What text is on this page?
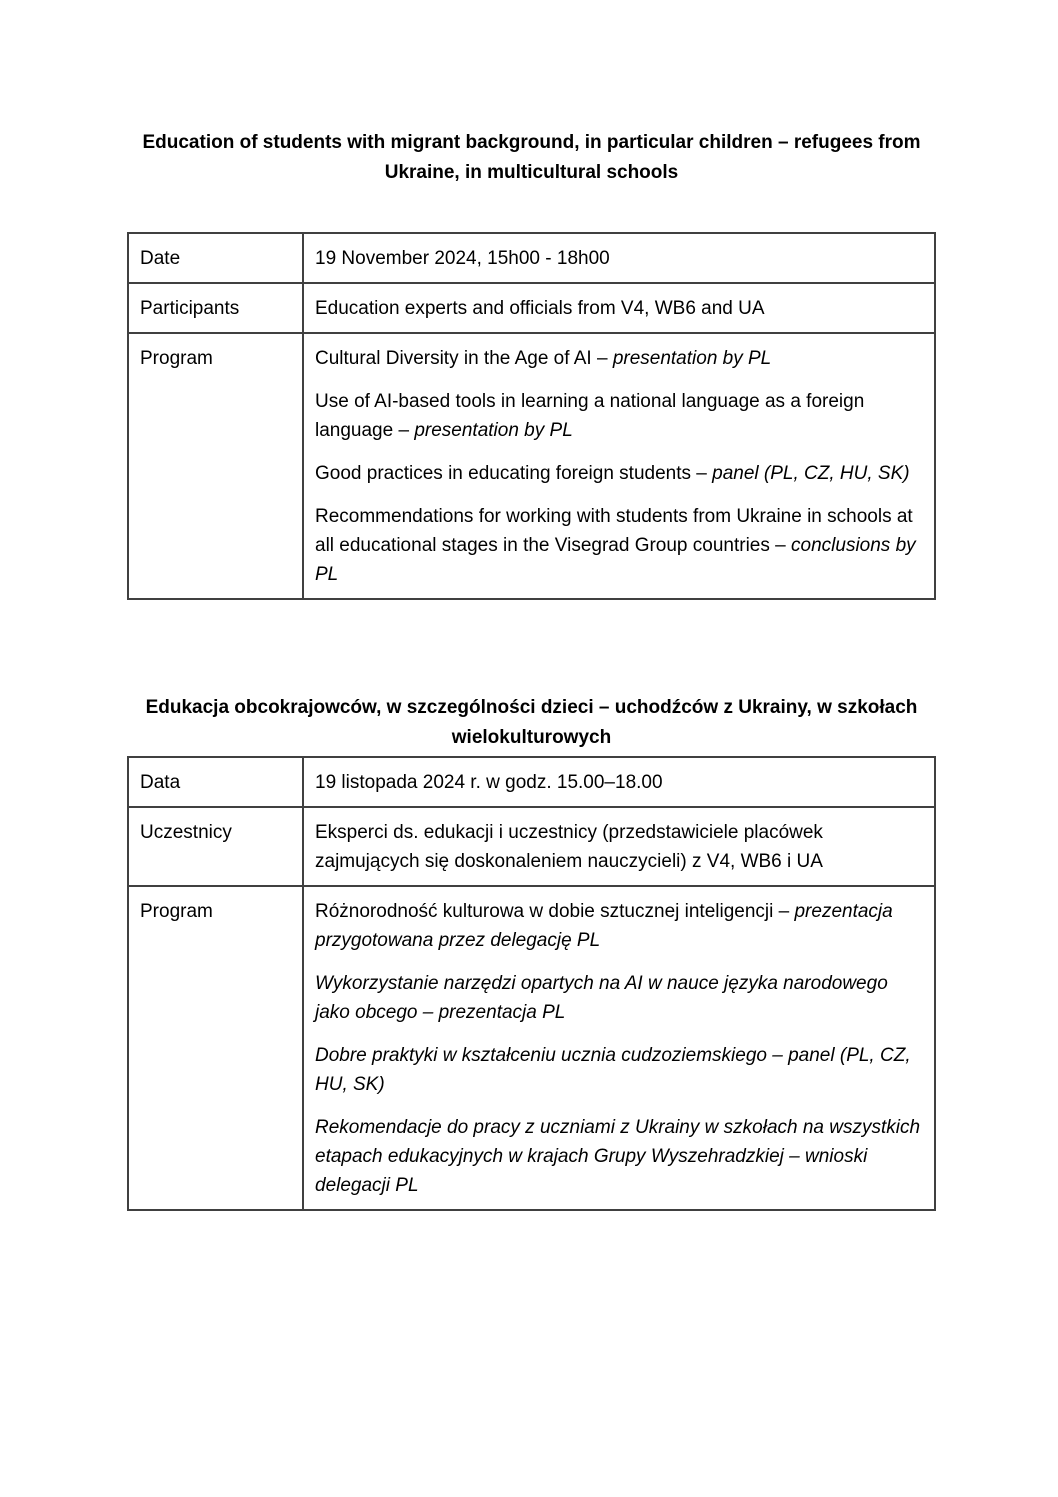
Education of students with migrant background, in particular children – refugees from Ukraine, in multicultural schools
Date	19 November 2024, 15h00 - 18h00

Participants	Education experts and officials from V4, WB6 and UA

Program	Cultural Diversity in the Age of AI – presentation by PL

Use of AI-based tools in learning a national language as a foreign language – presentation by PL

Good practices in educating foreign students – panel (PL, CZ, HU, SK)

Recommendations for working with students from Ukraine in schools at all educational stages in the Visegrad Group countries – conclusions by PL

Edukacja obcokrajowców, w szczególności dzieci – uchodźców z Ukrainy, w szkołach wielokulturowych
Data	19 listopada 2024 r. w godz. 15.00–18.00

Uczestnicy	Eksperci ds. edukacji i uczestnicy (przedstawiciele placówek zajmujących się doskonaleniem nauczycieli) z V4, WB6 i UA

Program	Różnorodność kulturowa w dobie sztucznej inteligencji – prezentacja przygotowana przez delegację PL

Wykorzystanie narzędzi opartych na AI w nauce języka narodowego jako obcego – prezentacja PL

Dobre praktyki w kształceniu ucznia cudzoziemskiego – panel (PL, CZ, HU, SK)

Rekomendacje do pracy z uczniami z Ukrainy w szkołach na wszystkich etapach edukacyjnych w krajach Grupy Wyszehradzkiej – wnioski delegacji PL
